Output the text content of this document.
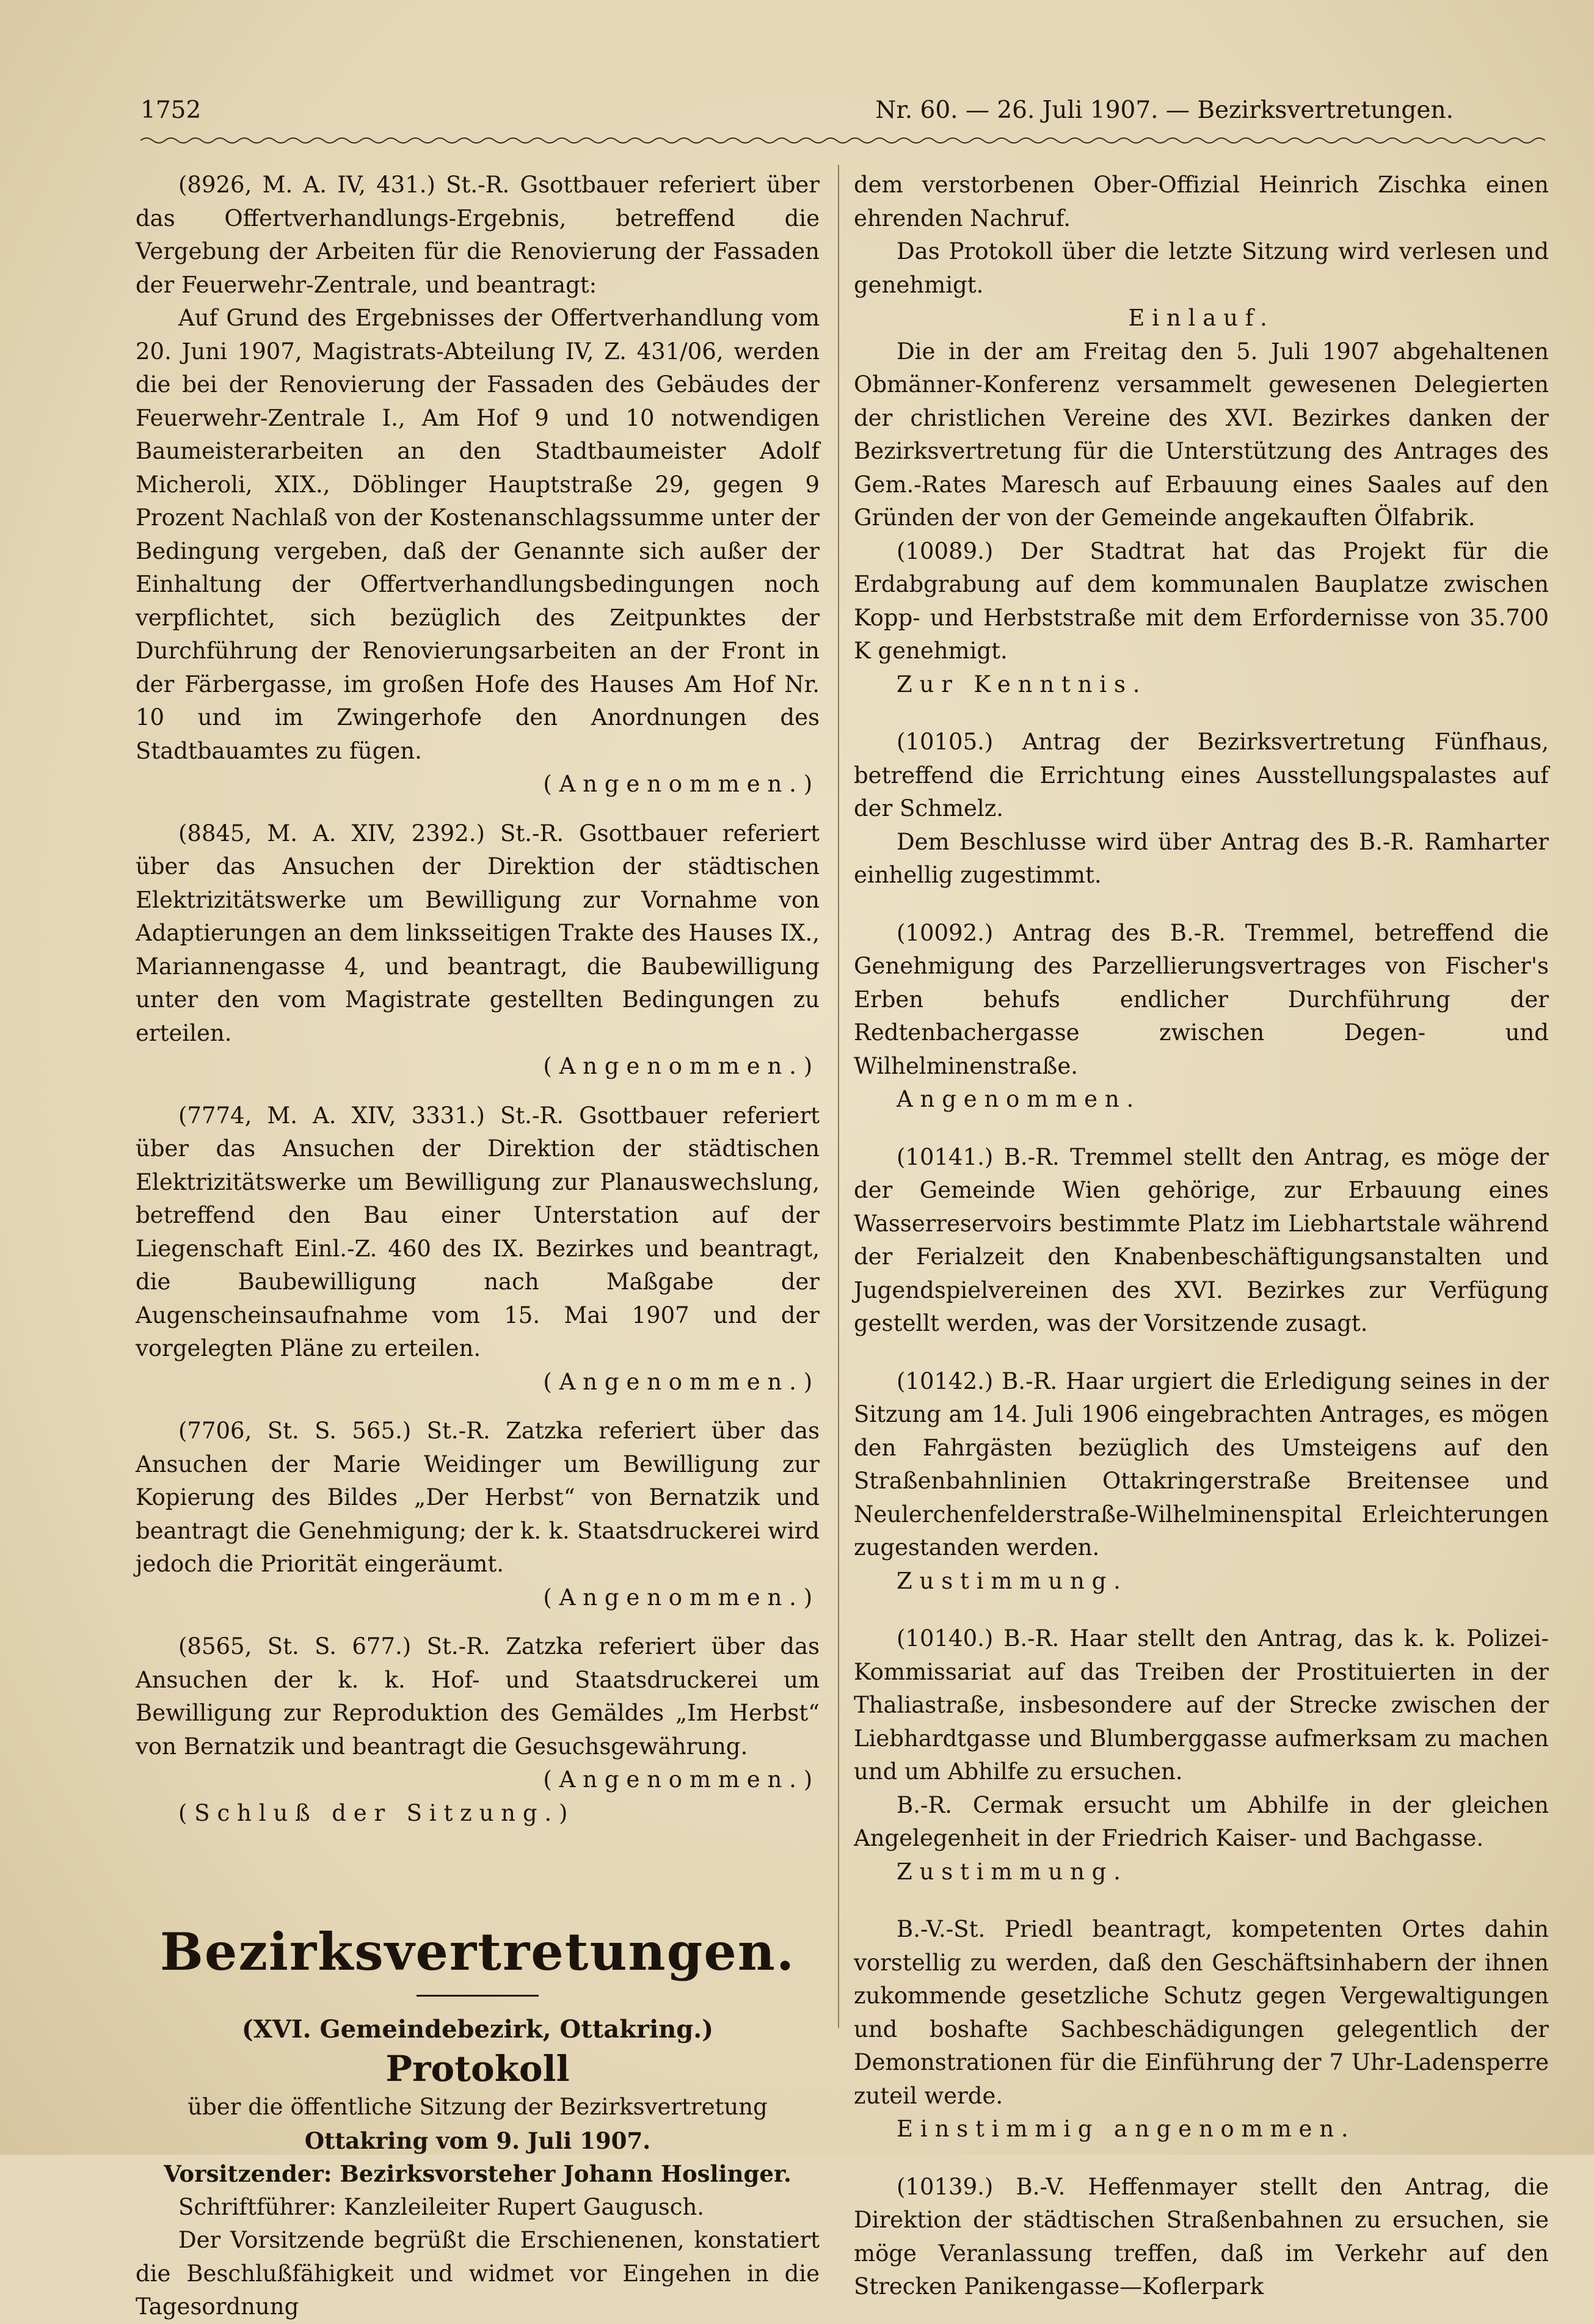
1752	Nr. 60. — 26. Juli 1907. — Bezirksvertretungen.

(8926, M. A. IV, 431.) St.-R. Gsottbauer referiert über das Offertverhandlungs-Ergebnis, betreffend die Vergebung der Arbeiten für die Renovierung der Fassaden der Feuerwehr-Zentrale, und beantragt:

Auf Grund des Ergebnisses der Offertverhandlung vom 20. Juni 1907, Magistrats-Abteilung IV, Z. 431/06, werden die bei der Renovierung der Fassaden des Gebäudes der Feuerwehr-Zentrale I., Am Hof 9 und 10 notwendigen Baumeisterarbeiten an den Stadtbaumeister Adolf Micheroli, XIX., Döblinger Hauptstraße 29, gegen 9 Prozent Nachlaß von der Kostenanschlagssumme unter der Bedingung vergeben, daß der Genannte sich außer der Einhaltung der Offertverhandlungsbedingungen noch verpflichtet, sich bezüglich des Zeitpunktes der Durchführung der Renovierungsarbeiten an der Front in der Färbergasse, im großen Hofe des Hauses Am Hof Nr. 10 und im Zwingerhofe den Anordnungen des Stadtbauamtes zu fügen.

(Angenommen.)

(8845, M. A. XIV, 2392.) St.-R. Gsottbauer referiert über das Ansuchen der Direktion der städtischen Elektrizitätswerke um Bewilligung zur Vornahme von Adaptierungen an dem linksseitigen Trakte des Hauses IX., Mariannengasse 4, und beantragt, die Baubewilligung unter den vom Magistrate gestellten Bedingungen zu erteilen.

(Angenommen.)

(7774, M. A. XIV, 3331.) St.-R. Gsottbauer referiert über das Ansuchen der Direktion der städtischen Elektrizitätswerke um Bewilligung zur Planauswechslung, betreffend den Bau einer Unterstation auf der Liegenschaft Einl.-Z. 460 des IX. Bezirkes und beantragt, die Baubewilligung nach Maßgabe der Augenscheinsaufnahme vom 15. Mai 1907 und der vorgelegten Pläne zu erteilen.

(Angenommen.)

(7706, St. S. 565.) St.-R. Zatzka referiert über das Ansuchen der Marie Weidinger um Bewilligung zur Kopierung des Bildes „Der Herbst“ von Bernatzik und beantragt die Genehmigung; der k. k. Staatsdruckerei wird jedoch die Priorität eingeräumt.

(Angenommen.)

(8565, St. S. 677.) St.-R. Zatzka referiert über das Ansuchen der k. k. Hof- und Staatsdruckerei um Bewilligung zur Reproduktion des Gemäldes „Im Herbst“ von Bernatzik und beantragt die Gesuchsgewährung.

(Angenommen.)

(Schluß der Sitzung.)

Bezirksvertretungen.
(XVI. Gemeindebezirk, Ottakring.)
Protokoll

über die öffentliche Sitzung der Bezirksvertretung

Ottakring vom 9. Juli 1907.

Vorsitzender: Bezirksvorsteher Johann Hoslinger.

Schriftführer: Kanzleileiter Rupert Gaugusch.

Der Vorsitzende begrüßt die Erschienenen, konstatiert die Beschlußfähigkeit und widmet vor Eingehen in die Tagesordnung

dem verstorbenen Ober-Offizial Heinrich Zischka einen ehrenden Nachruf.

Das Protokoll über die letzte Sitzung wird verlesen und genehmigt.

Einlauf.

Die in der am Freitag den 5. Juli 1907 abgehaltenen Obmänner-Konferenz versammelt gewesenen Delegierten der christlichen Vereine des XVI. Bezirkes danken der Bezirksvertretung für die Unterstützung des Antrages des Gem.-Rates Maresch auf Erbauung eines Saales auf den Gründen der von der Gemeinde angekauften Ölfabrik.

(10089.) Der Stadtrat hat das Projekt für die Erdabgrabung auf dem kommunalen Bauplatze zwischen Kopp- und Herbststraße mit dem Erfordernisse von 35.700 K genehmigt.

Zur Kenntnis.

(10105.) Antrag der Bezirksvertretung Fünfhaus, betreffend die Errichtung eines Ausstellungspalastes auf der Schmelz.

Dem Beschlusse wird über Antrag des B.-R. Ramharter einhellig zugestimmt.

(10092.) Antrag des B.-R. Tremmel, betreffend die Genehmigung des Parzellierungsvertrages von Fischer's Erben behufs endlicher Durchführung der Redtenbachergasse zwischen Degen- und Wilhelminenstraße.

Angenommen.

(10141.) B.-R. Tremmel stellt den Antrag, es möge der der Gemeinde Wien gehörige, zur Erbauung eines Wasserreservoirs bestimmte Platz im Liebhartstale während der Ferialzeit den Knabenbeschäftigungsanstalten und Jugendspielvereinen des XVI. Bezirkes zur Verfügung gestellt werden, was der Vorsitzende zusagt.

(10142.) B.-R. Haar urgiert die Erledigung seines in der Sitzung am 14. Juli 1906 eingebrachten Antrages, es mögen den Fahrgästen bezüglich des Umsteigens auf den Straßenbahnlinien Ottakringerstraße Breitensee und Neulerchenfelderstraße-Wilhelminenspital Erleichterungen zugestanden werden.

Zustimmung.

(10140.) B.-R. Haar stellt den Antrag, das k. k. Polizei-Kommissariat auf das Treiben der Prostituierten in der Thaliastraße, insbesondere auf der Strecke zwischen der Liebhardtgasse und Blumberggasse aufmerksam zu machen und um Abhilfe zu ersuchen.

B.-R. Cermak ersucht um Abhilfe in der gleichen Angelegenheit in der Friedrich Kaiser- und Bachgasse.

Zustimmung.

B.-V.-St. Priedl beantragt, kompetenten Ortes dahin vorstellig zu werden, daß den Geschäftsinhabern der ihnen zukommende gesetzliche Schutz gegen Vergewaltigungen und boshafte Sachbeschädigungen gelegentlich der Demonstrationen für die Einführung der 7 Uhr-Ladensperre zuteil werde.

Einstimmig angenommen.

(10139.) B.-V. Heffenmayer stellt den Antrag, die Direktion der städtischen Straßenbahnen zu ersuchen, sie möge Veranlassung treffen, daß im Verkehr auf den Strecken Panikengasse—Koflerpark
